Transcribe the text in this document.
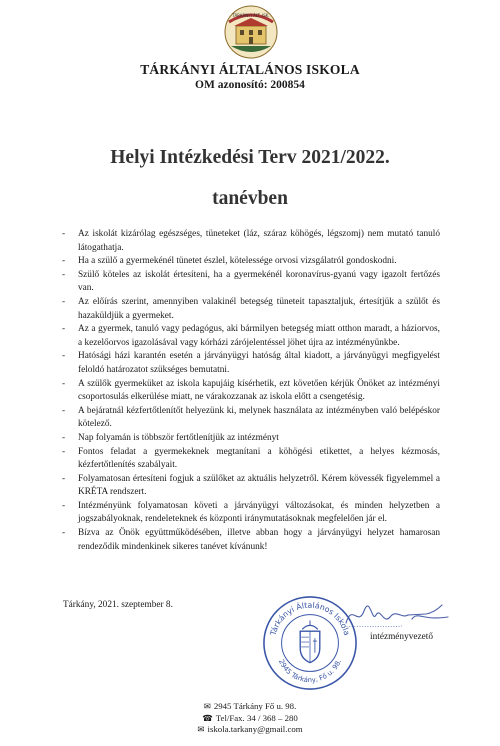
TÁRKÁNYI ÁLT. ISK.
TÁRKÁNYI ÁLTALÁNOS ISKOLA
OM azonosító: 200854
Helyi Intézkedési Terv 2021/2022.
tanévben
- Az iskolát kizárólag egészséges, tüneteket (láz, száraz köhögés, légszomj) nem mutató tanuló látogathatja.
- Ha a szülő a gyermekénél tünetet észlel, kötelessége orvosi vizsgálatról gondoskodni.
- Szülő köteles az iskolát értesíteni, ha a gyermekénél koronavírus-gyanú vagy igazolt fertőzés van.
- Az előírás szerint, amennyiben valakinél betegség tüneteit tapasztaljuk, értesítjük a szülőt és hazaküldjük a gyermeket.
- Az a gyermek, tanuló vagy pedagógus, aki bármilyen betegség miatt otthon maradt, a háziorvos, a kezelőorvos igazolásával vagy kórházi zárójelentéssel jöhet újra az intézményünkbe.
- Hatósági házi karantén esetén a járványügyi hatóság által kiadott, a járványügyi megfigyelést feloldó határozatot szükséges bemutatni.
- A szülők gyermeküket az iskola kapujáig kísérhetik, ezt követően kérjük Önöket az intézményi csoportosulás elkerülése miatt, ne várakozzanak az iskola előtt a csengetésig.
- A bejáratnál kézfertőtlenítőt helyezünk ki, melynek használata az intézményben való belépéskor kötelező.
- Nap folyamán is többször fertőtlenítjük az intézményt
- Fontos feladat a gyermekeknek megtanítani a köhögési etikettet, a helyes kézmosás, kézfertőtlenítés szabályait.
- Folyamatosan értesíteni fogjuk a szülőket az aktuális helyzetről. Kérem kövessék figyelemmel a KRÉTA rendszert.
- Intézményünk folyamatosan követi a járványügyi változásokat, és minden helyzetben a jogszabályoknak, rendeleteknek és központi iránymutatásoknak megfelelően jár el.
- Bízva az Önök együttműködésében, illetve abban hogy a járványügyi helyzet hamarosan rendeződik mindenkinek sikeres tanévet kívánunk!
Tárkány, 2021. szeptember 8.
Tárkányi Általános Iskola
2945 Tárkány, Fő u. 98.
intézményvezető
✉ 2945 Tárkány Fő u. 98.
☎ Tel/Fax. 34 / 368 – 280
✉ iskola.tarkany@gmail.com
